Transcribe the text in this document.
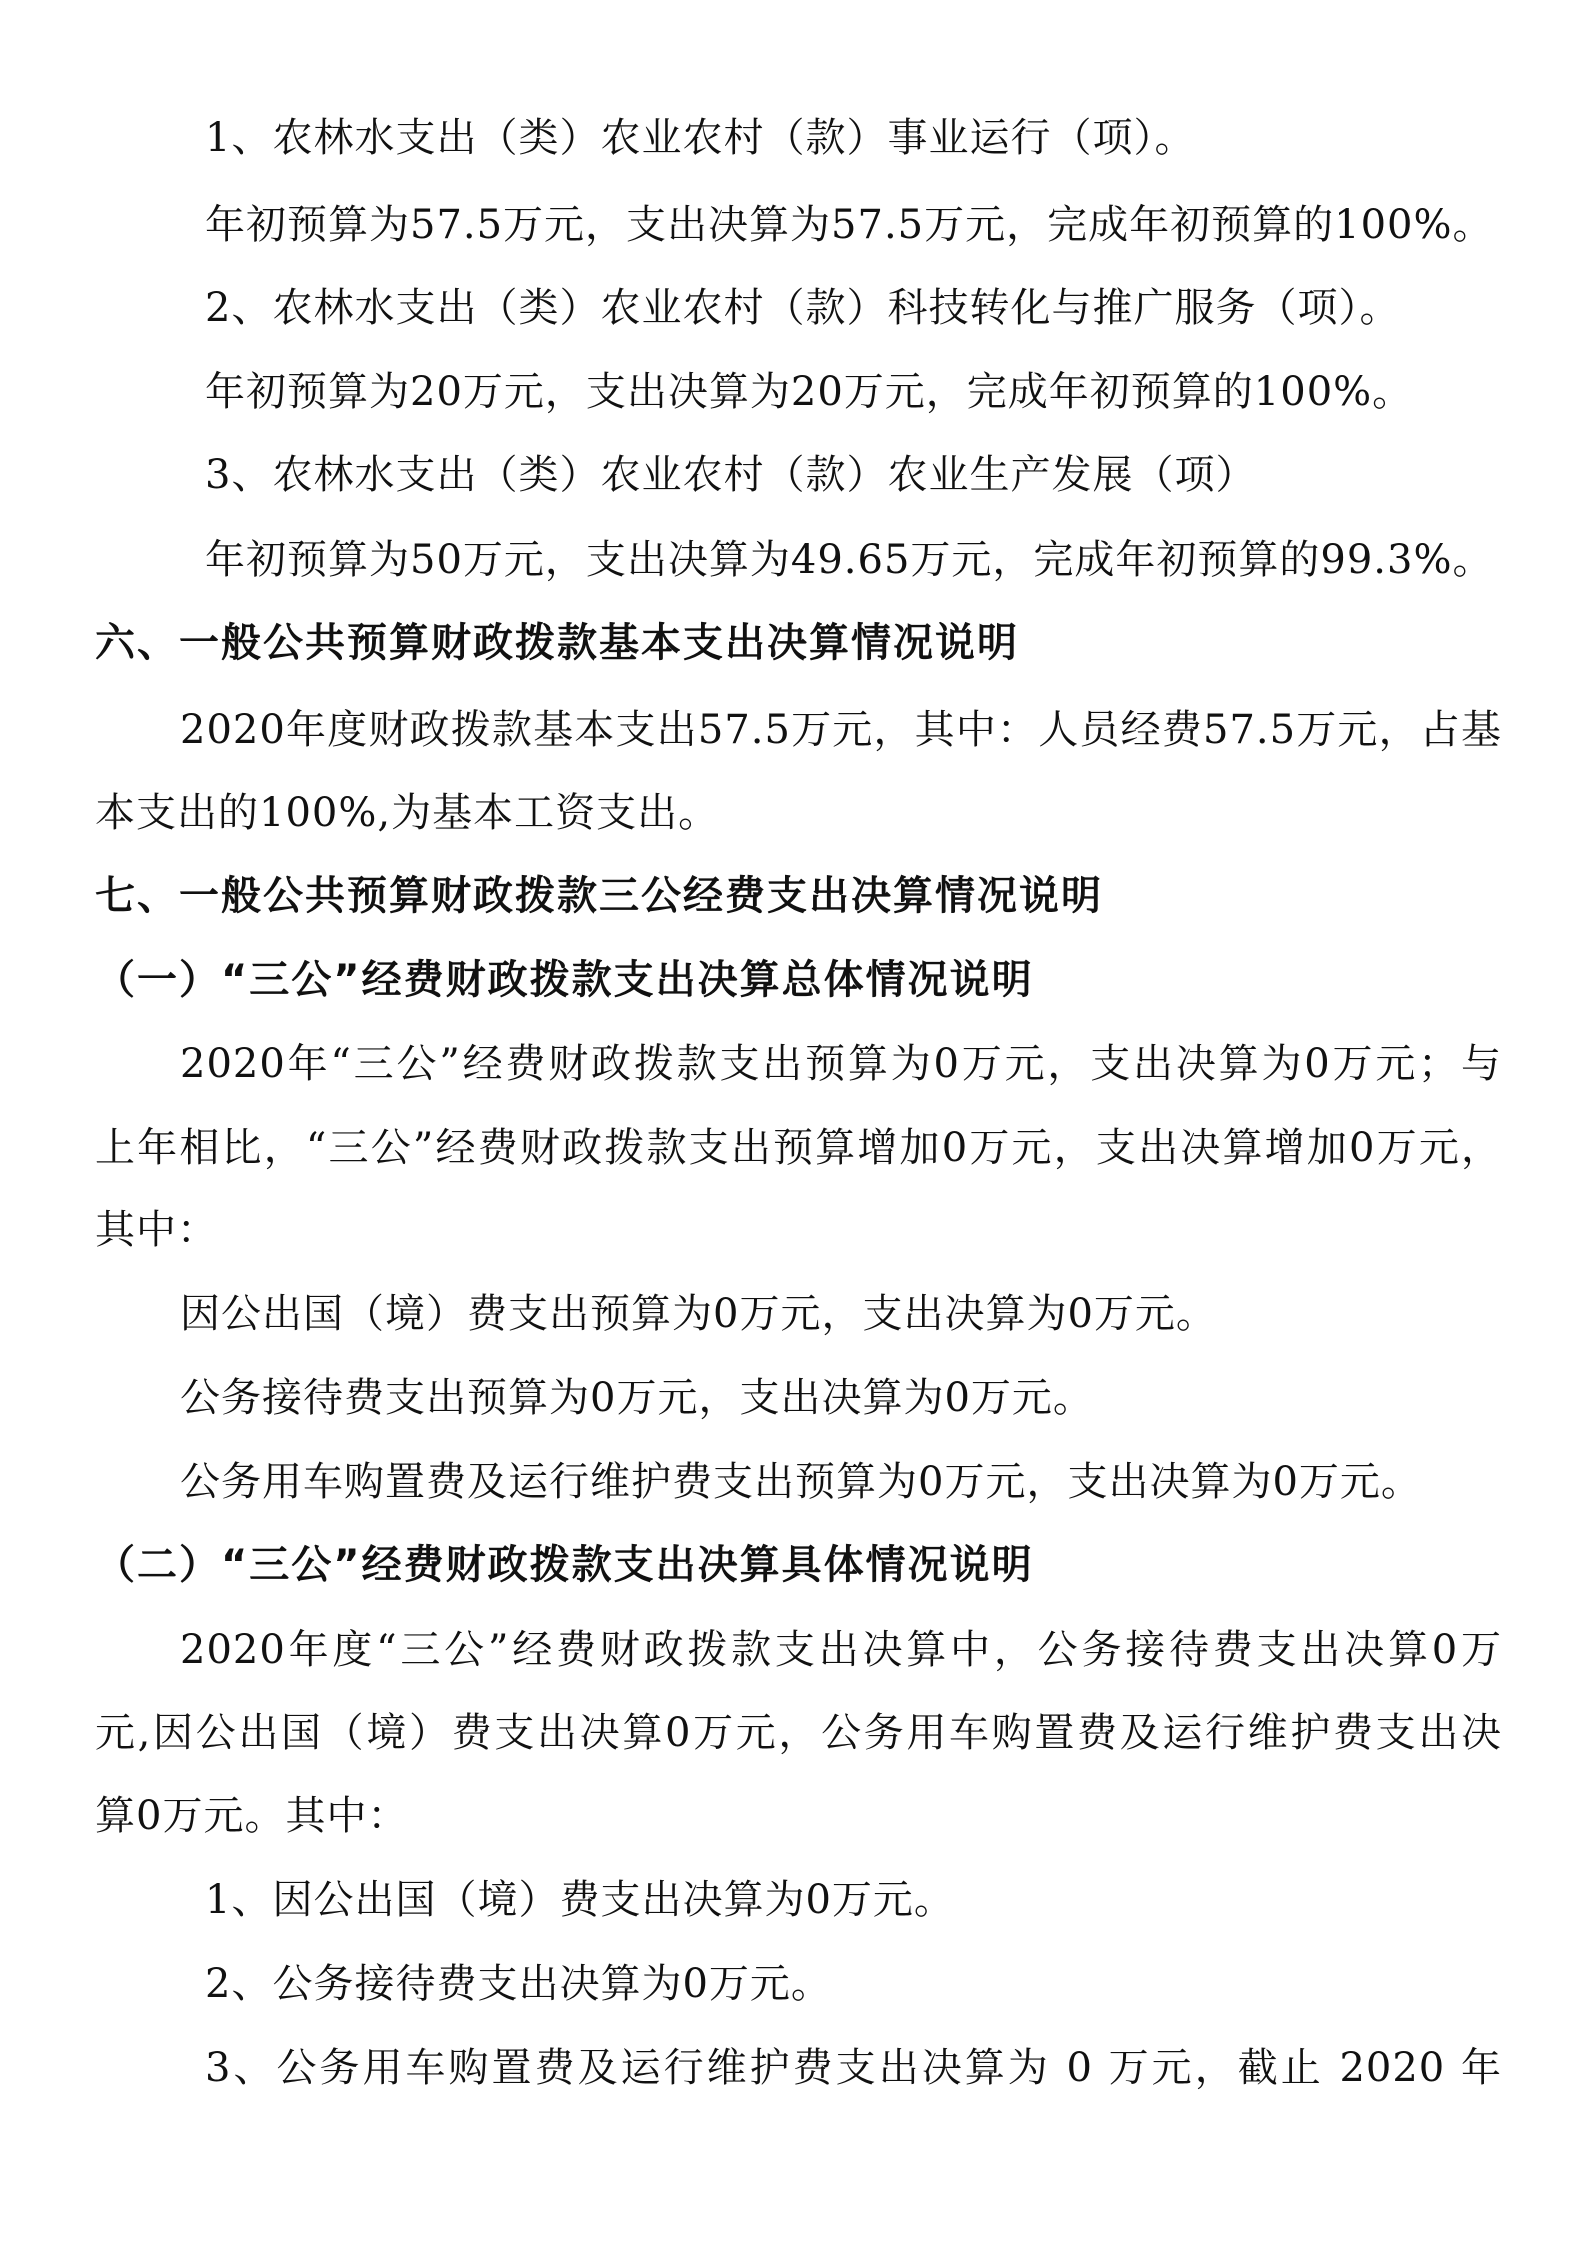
1、农林水支出（类）农业农村（款）事业运行（项）。
年初预算为57.5万元，支出决算为57.5万元，完成年初预算的100%。
2、农林水支出（类）农业农村（款）科技转化与推广服务（项）。
年初预算为20万元，支出决算为20万元，完成年初预算的100%。
3、农林水支出（类）农业农村（款）农业生产发展（项）
年初预算为50万元，支出决算为49.65万元，完成年初预算的99.3%。
六、一般公共预算财政拨款基本支出决算情况说明
2020年度财政拨款基本支出57.5万元，其中：人员经费57.5万元，占基
本支出的100%,为基本工资支出。
七、一般公共预算财政拨款三公经费支出决算情况说明
（一）“三公”经费财政拨款支出决算总体情况说明
2020年“三公”经费财政拨款支出预算为0万元，支出决算为0万元；与
上年相比，“三公”经费财政拨款支出预算增加0万元，支出决算增加0万元，
其中：
因公出国（境）费支出预算为0万元，支出决算为0万元。
公务接待费支出预算为0万元，支出决算为0万元。
公务用车购置费及运行维护费支出预算为0万元，支出决算为0万元。
（二）“三公”经费财政拨款支出决算具体情况说明
2020年度“三公”经费财政拨款支出决算中，公务接待费支出决算0万
元,因公出国（境）费支出决算0万元，公务用车购置费及运行维护费支出决
算0万元。其中：
1、因公出国（境）费支出决算为0万元。
2、公务接待费支出决算为0万元。
3、公务用车购置费及运行维护费支出决算为 0 万元，截止 2020 年
